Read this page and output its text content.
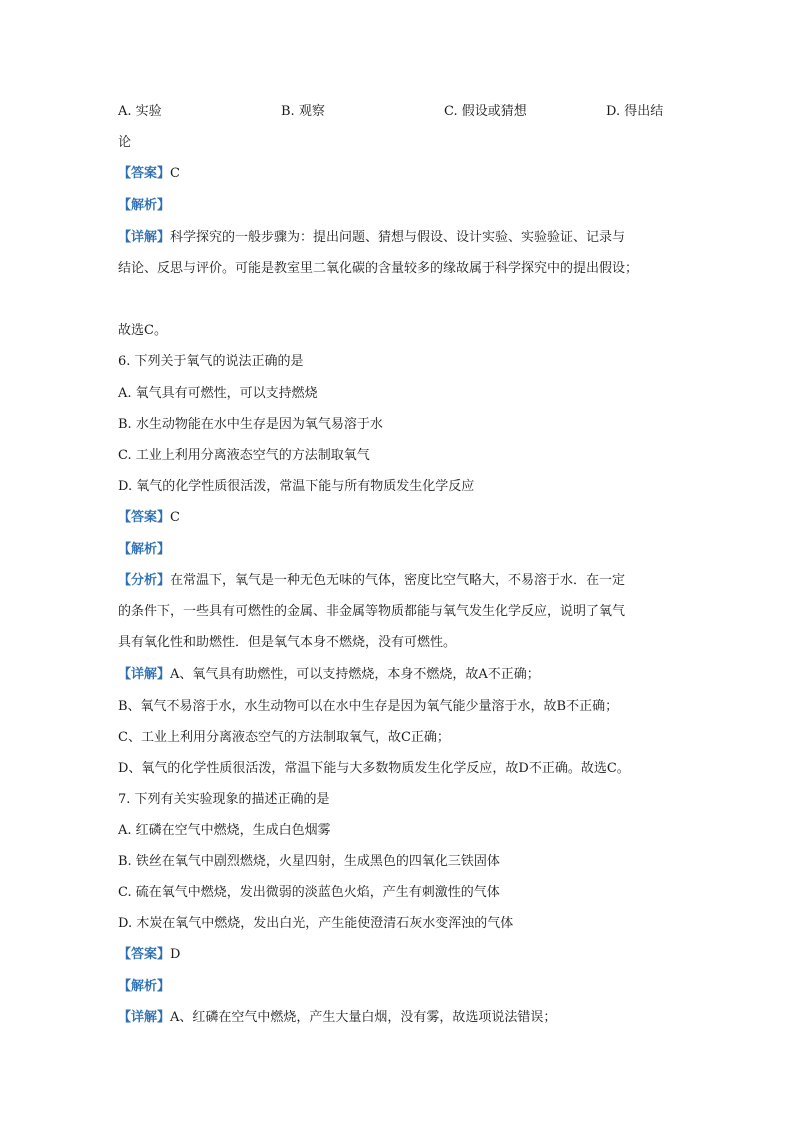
A. 实验	B. 观察	C. 假设或猜想	D. 得出结
论
【答案】C
【解析】
【详解】科学探究的一般步骤为：提出问题、猜想与假设、设计实验、实验验证、记录与
结论、反思与评价。可能是教室里二氧化碳的含量较多的缘故属于科学探究中的提出假设；
故选C。
6. 下列关于氧气的说法正确的是
A. 氧气具有可燃性，可以支持燃烧
B. 水生动物能在水中生存是因为氧气易溶于水
C. 工业上利用分离液态空气的方法制取氧气
D. 氧气的化学性质很活泼，常温下能与所有物质发生化学反应
【答案】C
【解析】
【分析】在常温下，氧气是一种无色无味的气体，密度比空气略大，不易溶于水．在一定
的条件下，一些具有可燃性的金属、非金属等物质都能与氧气发生化学反应，说明了氧气
具有氧化性和助燃性．但是氧气本身不燃烧，没有可燃性。
【详解】A、氧气具有助燃性，可以支持燃烧，本身不燃烧，故A不正确；
B、氧气不易溶于水，水生动物可以在水中生存是因为氧气能少量溶于水，故B不正确；
C、工业上利用分离液态空气的方法制取氧气，故C正确；
D、氧气的化学性质很活泼，常温下能与大多数物质发生化学反应，故D不正确。故选C。
7. 下列有关实验现象的描述正确的是
A. 红磷在空气中燃烧，生成白色烟雾
B. 铁丝在氧气中剧烈燃烧，火星四射，生成黑色的四氧化三铁固体
C. 硫在氧气中燃烧，发出微弱的淡蓝色火焰，产生有刺激性的气体
D. 木炭在氧气中燃烧，发出白光，产生能使澄清石灰水变浑浊的气体
【答案】D
【解析】
【详解】A、红磷在空气中燃烧，产生大量白烟，没有雾，故选项说法错误；
